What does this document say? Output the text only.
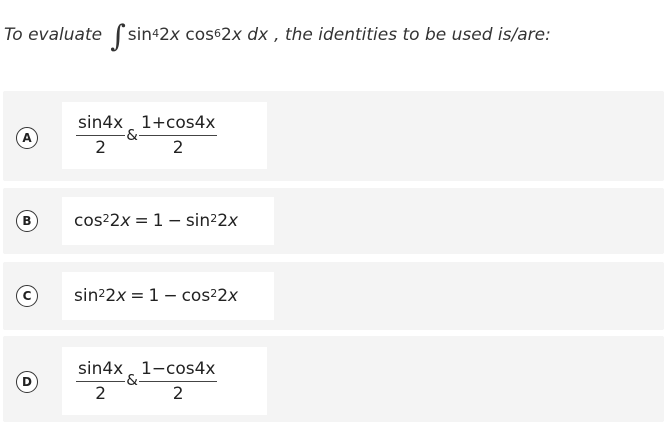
To evaluate ∫ $\sin^42x$ $\cos^62x$ dx , the identities to be used is/are:
A	$\frac{\sin 4x}{2}$ & $\frac{1+\cos 4x}{2}$
B	$\cos^2 2$ $x = 1 - \sin^2 2$ x
C	$\sin^2 2$ $x = 1 - \cos^2 2$ x
D	$\frac{\sin 4x}{2}$ & $\frac{1-\cos 4x}{2}$
